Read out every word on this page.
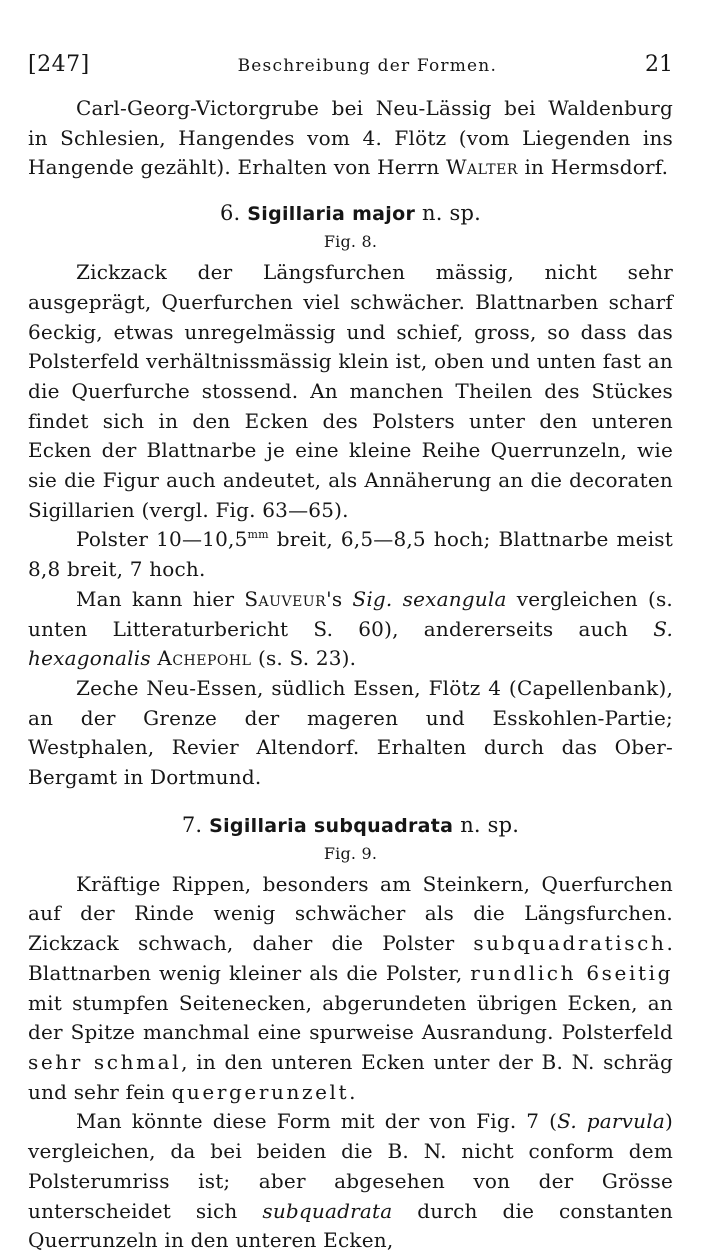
[247]	Beschreibung der Formen.	21

Carl-Georg-Victorgrube bei Neu-Lässig bei Waldenburg in Schlesien, Hangendes vom 4. Flötz (vom Liegenden ins Hangende gezählt). Erhalten von Herrn Walter in Hermsdorf.

6. Sigillaria major n. sp.
Fig. 8.

Zickzack der Längsfurchen mässig, nicht sehr ausgeprägt, Querfurchen viel schwächer. Blattnarben scharf 6eckig, etwas unregelmässig und schief, gross, so dass das Polsterfeld verhältnissmässig klein ist, oben und unten fast an die Querfurche stossend. An manchen Theilen des Stückes findet sich in den Ecken des Polsters unter den unteren Ecken der Blattnarbe je eine kleine Reihe Querrunzeln, wie sie die Figur auch andeutet, als Annäherung an die decoraten Sigillarien (vergl. Fig. 63—65).

Polster $10—10,5^{mm}$ breit, 6,5—8,5 hoch; Blattnarbe meist 8,8 breit, 7 hoch.

Man kann hier Sauveur's Sig. sexangula vergleichen (s. unten Litteraturbericht S. 60), andererseits auch S. hexagonalis Achepohl (s. S. 23).

Zeche Neu-Essen, südlich Essen, Flötz 4 (Capellenbank), an der Grenze der mageren und Esskohlen-Partie; Westphalen, Revier Altendorf. Erhalten durch das Ober-Bergamt in Dortmund.

7. Sigillaria subquadrata n. sp.
Fig. 9.

Kräftige Rippen, besonders am Steinkern, Querfurchen auf der Rinde wenig schwächer als die Längsfurchen. Zickzack schwach, daher die Polster subquadratisch. Blattnarben wenig kleiner als die Polster, rundlich 6seitig mit stumpfen Seitenecken, abgerundeten übrigen Ecken, an der Spitze manchmal eine spurweise Ausrandung. Polsterfeld sehr schmal, in den unteren Ecken unter der B. N. schräg und sehr fein quergerunzelt.

Man könnte diese Form mit der von Fig. 7 (S. parvula) vergleichen, da bei beiden die B. N. nicht conform dem Polsterumriss ist; aber abgesehen von der Grösse unterscheidet sich subquadrata durch die constanten Querrunzeln in den unteren Ecken,
